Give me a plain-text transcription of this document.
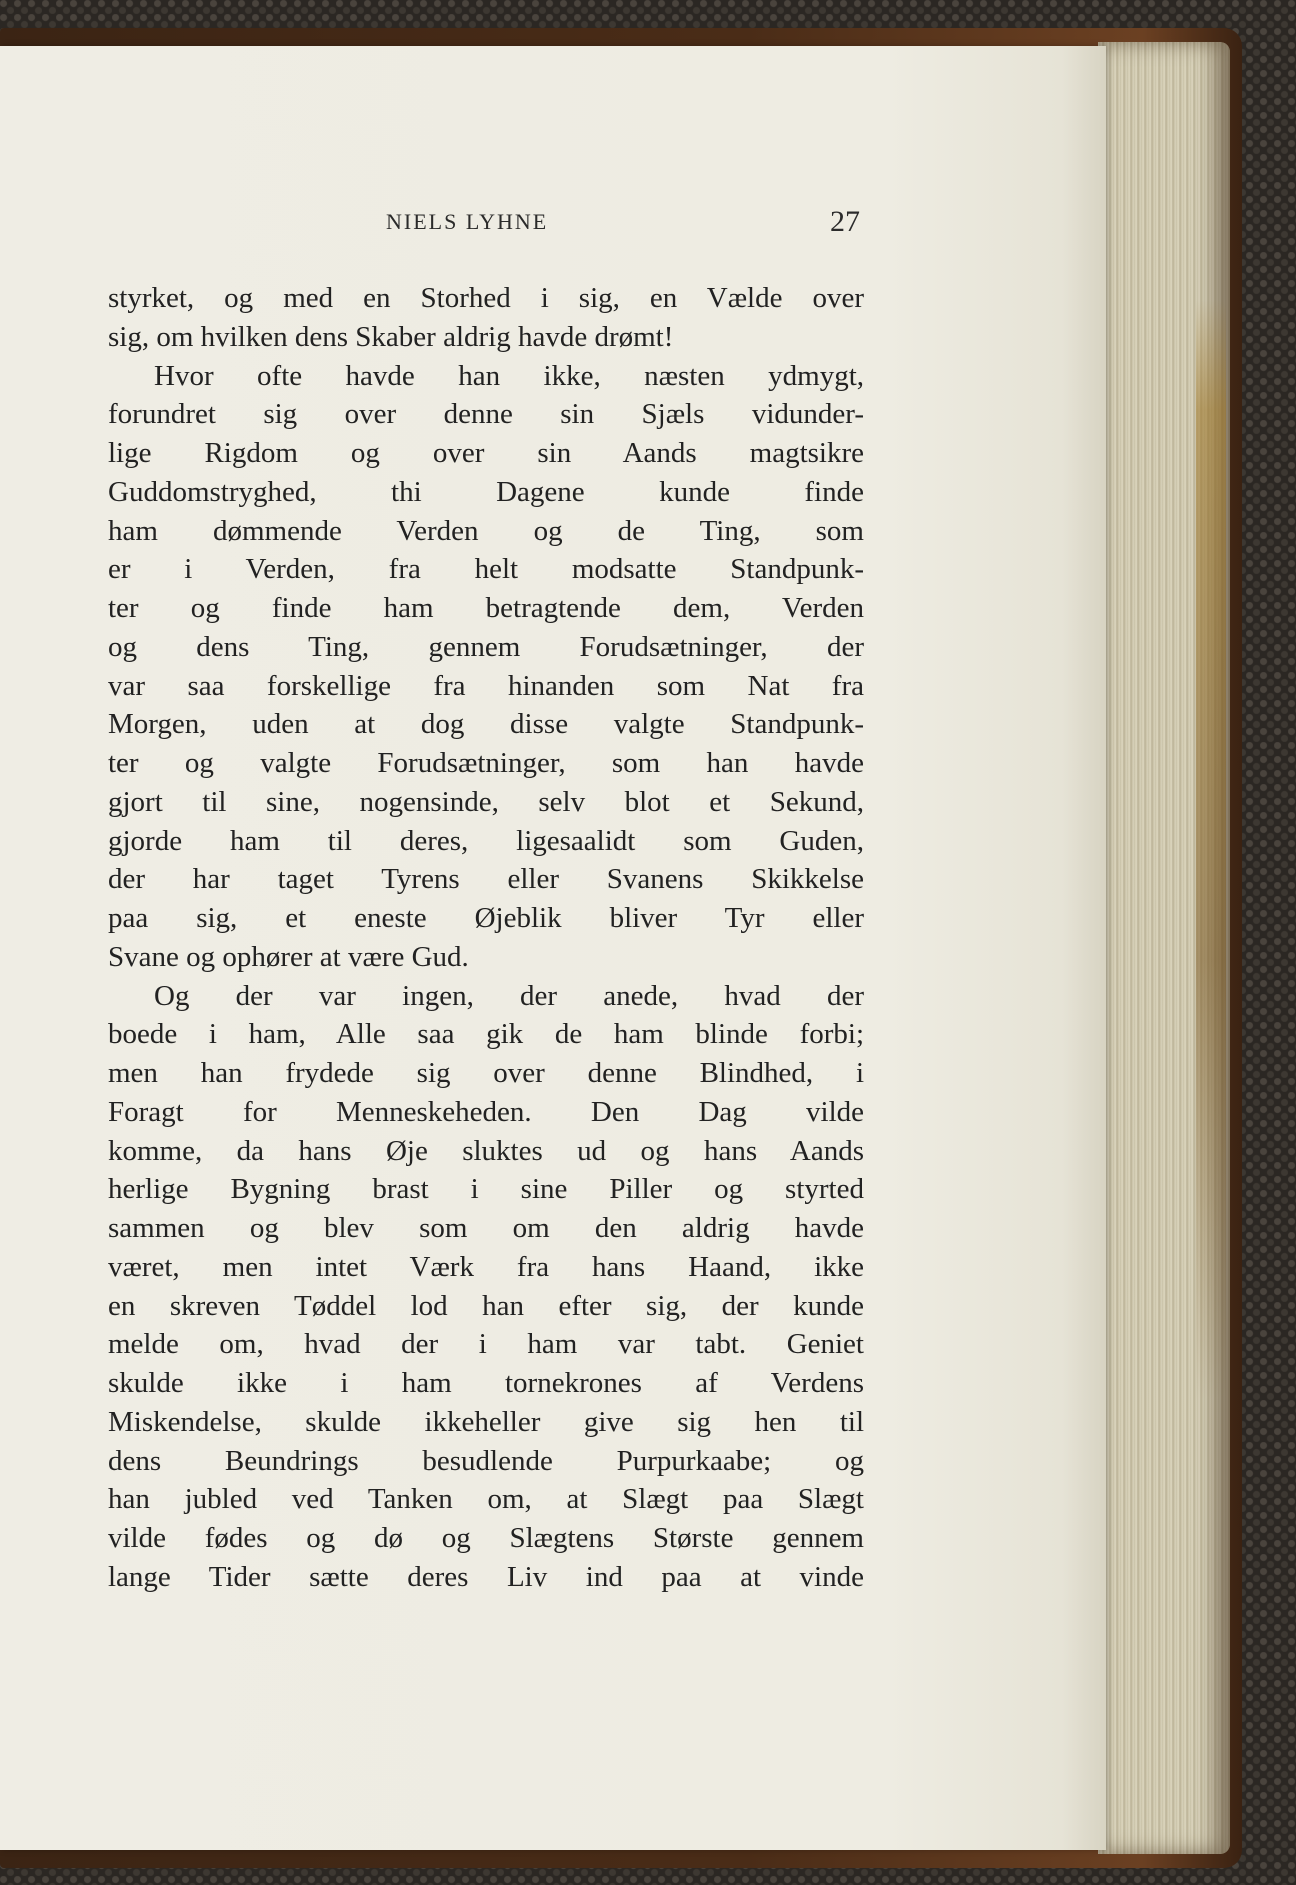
NIELS LYHNE	27
styrket, og med en Storhed i sig, en Vælde over
sig, om hvilken dens Skaber aldrig havde drømt!
Hvor ofte havde han ikke, næsten ydmygt,
forundret sig over denne sin Sjæls vidunder-
lige Rigdom og over sin Aands magtsikre
Guddomstryghed, thi Dagene kunde finde
ham dømmende Verden og de Ting, som
er i Verden, fra helt modsatte Standpunk-
ter og finde ham betragtende dem, Verden
og dens Ting, gennem Forudsætninger, der
var saa forskellige fra hinanden som Nat fra
Morgen, uden at dog disse valgte Standpunk-
ter og valgte Forudsætninger, som han havde
gjort til sine, nogensinde, selv blot et Sekund,
gjorde ham til deres, ligesaalidt som Guden,
der har taget Tyrens eller Svanens Skikkelse
paa sig, et eneste Øjeblik bliver Tyr eller
Svane og ophører at være Gud.
Og der var ingen, der anede, hvad der
boede i ham, Alle saa gik de ham blinde forbi;
men han frydede sig over denne Blindhed, i
Foragt for Menneskeheden. Den Dag vilde
komme, da hans Øje sluktes ud og hans Aands
herlige Bygning brast i sine Piller og styrted
sammen og blev som om den aldrig havde
været, men intet Værk fra hans Haand, ikke
en skreven Tøddel lod han efter sig, der kunde
melde om, hvad der i ham var tabt. Geniet
skulde ikke i ham tornekrones af Verdens
Miskendelse, skulde ikkeheller give sig hen til
dens Beundrings besudlende Purpurkaabe; og
han jubled ved Tanken om, at Slægt paa Slægt
vilde fødes og dø og Slægtens Største gennem
lange Tider sætte deres Liv ind paa at vinde
